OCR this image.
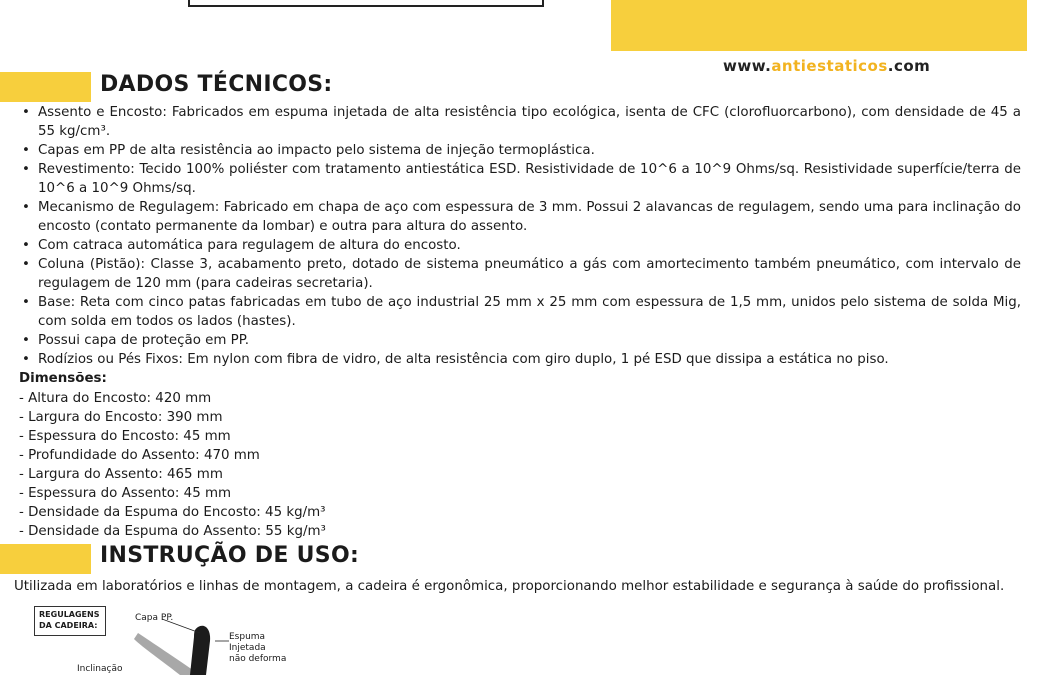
www.antiestaticos.com
DADOS TÉCNICOS:
• Assento e Encosto: Fabricados em espuma injetada de alta resistência tipo ecológica, isenta de CFC (clorofluorcarbono), com densidade de 45 a 55 kg/cm³.
• Capas em PP de alta resistência ao impacto pelo sistema de injeção termoplástica.
• Revestimento: Tecido 100% poliéster com tratamento antiestática ESD. Resistividade de 10^6 a 10^9 Ohms/sq. Resistividade superfície/terra de 10^6 a 10^9 Ohms/sq.
• Mecanismo de Regulagem: Fabricado em chapa de aço com espessura de 3 mm. Possui 2 alavancas de regulagem, sendo uma para inclinação do encosto (contato permanente da lombar) e outra para altura do assento.
• Com catraca automática para regulagem de altura do encosto.
• Coluna (Pistão): Classe 3, acabamento preto, dotado de sistema pneumático a gás com amortecimento também pneumático, com intervalo de regulagem de 120 mm (para cadeiras secretaria).
• Base: Reta com cinco patas fabricadas em tubo de aço industrial 25 mm x 25 mm com espessura de 1,5 mm, unidos pelo sistema de solda Mig, com solda em todos os lados (hastes).
• Possui capa de proteção em PP.
• Rodízios ou Pés Fixos: Em nylon com fibra de vidro, de alta resistência com giro duplo, 1 pé ESD que dissipa a estática no piso.
Dimensões:
- Altura do Encosto: 420 mm
- Largura do Encosto: 390 mm
- Espessura do Encosto: 45 mm
- Profundidade do Assento: 470 mm
- Largura do Assento: 465 mm
- Espessura do Assento: 45 mm
- Densidade da Espuma do Encosto: 45 kg/m³
- Densidade da Espuma do Assento: 55 kg/m³
INSTRUÇÃO DE USO:
Utilizada em laboratórios e linhas de montagem, a cadeira é ergonômica, proporcionando melhor estabilidade e segurança à saúde do profissional.
REGULAGENS
DA CADEIRA:
Capa PP.
Espuma
Injetada
não deforma
Inclinação
